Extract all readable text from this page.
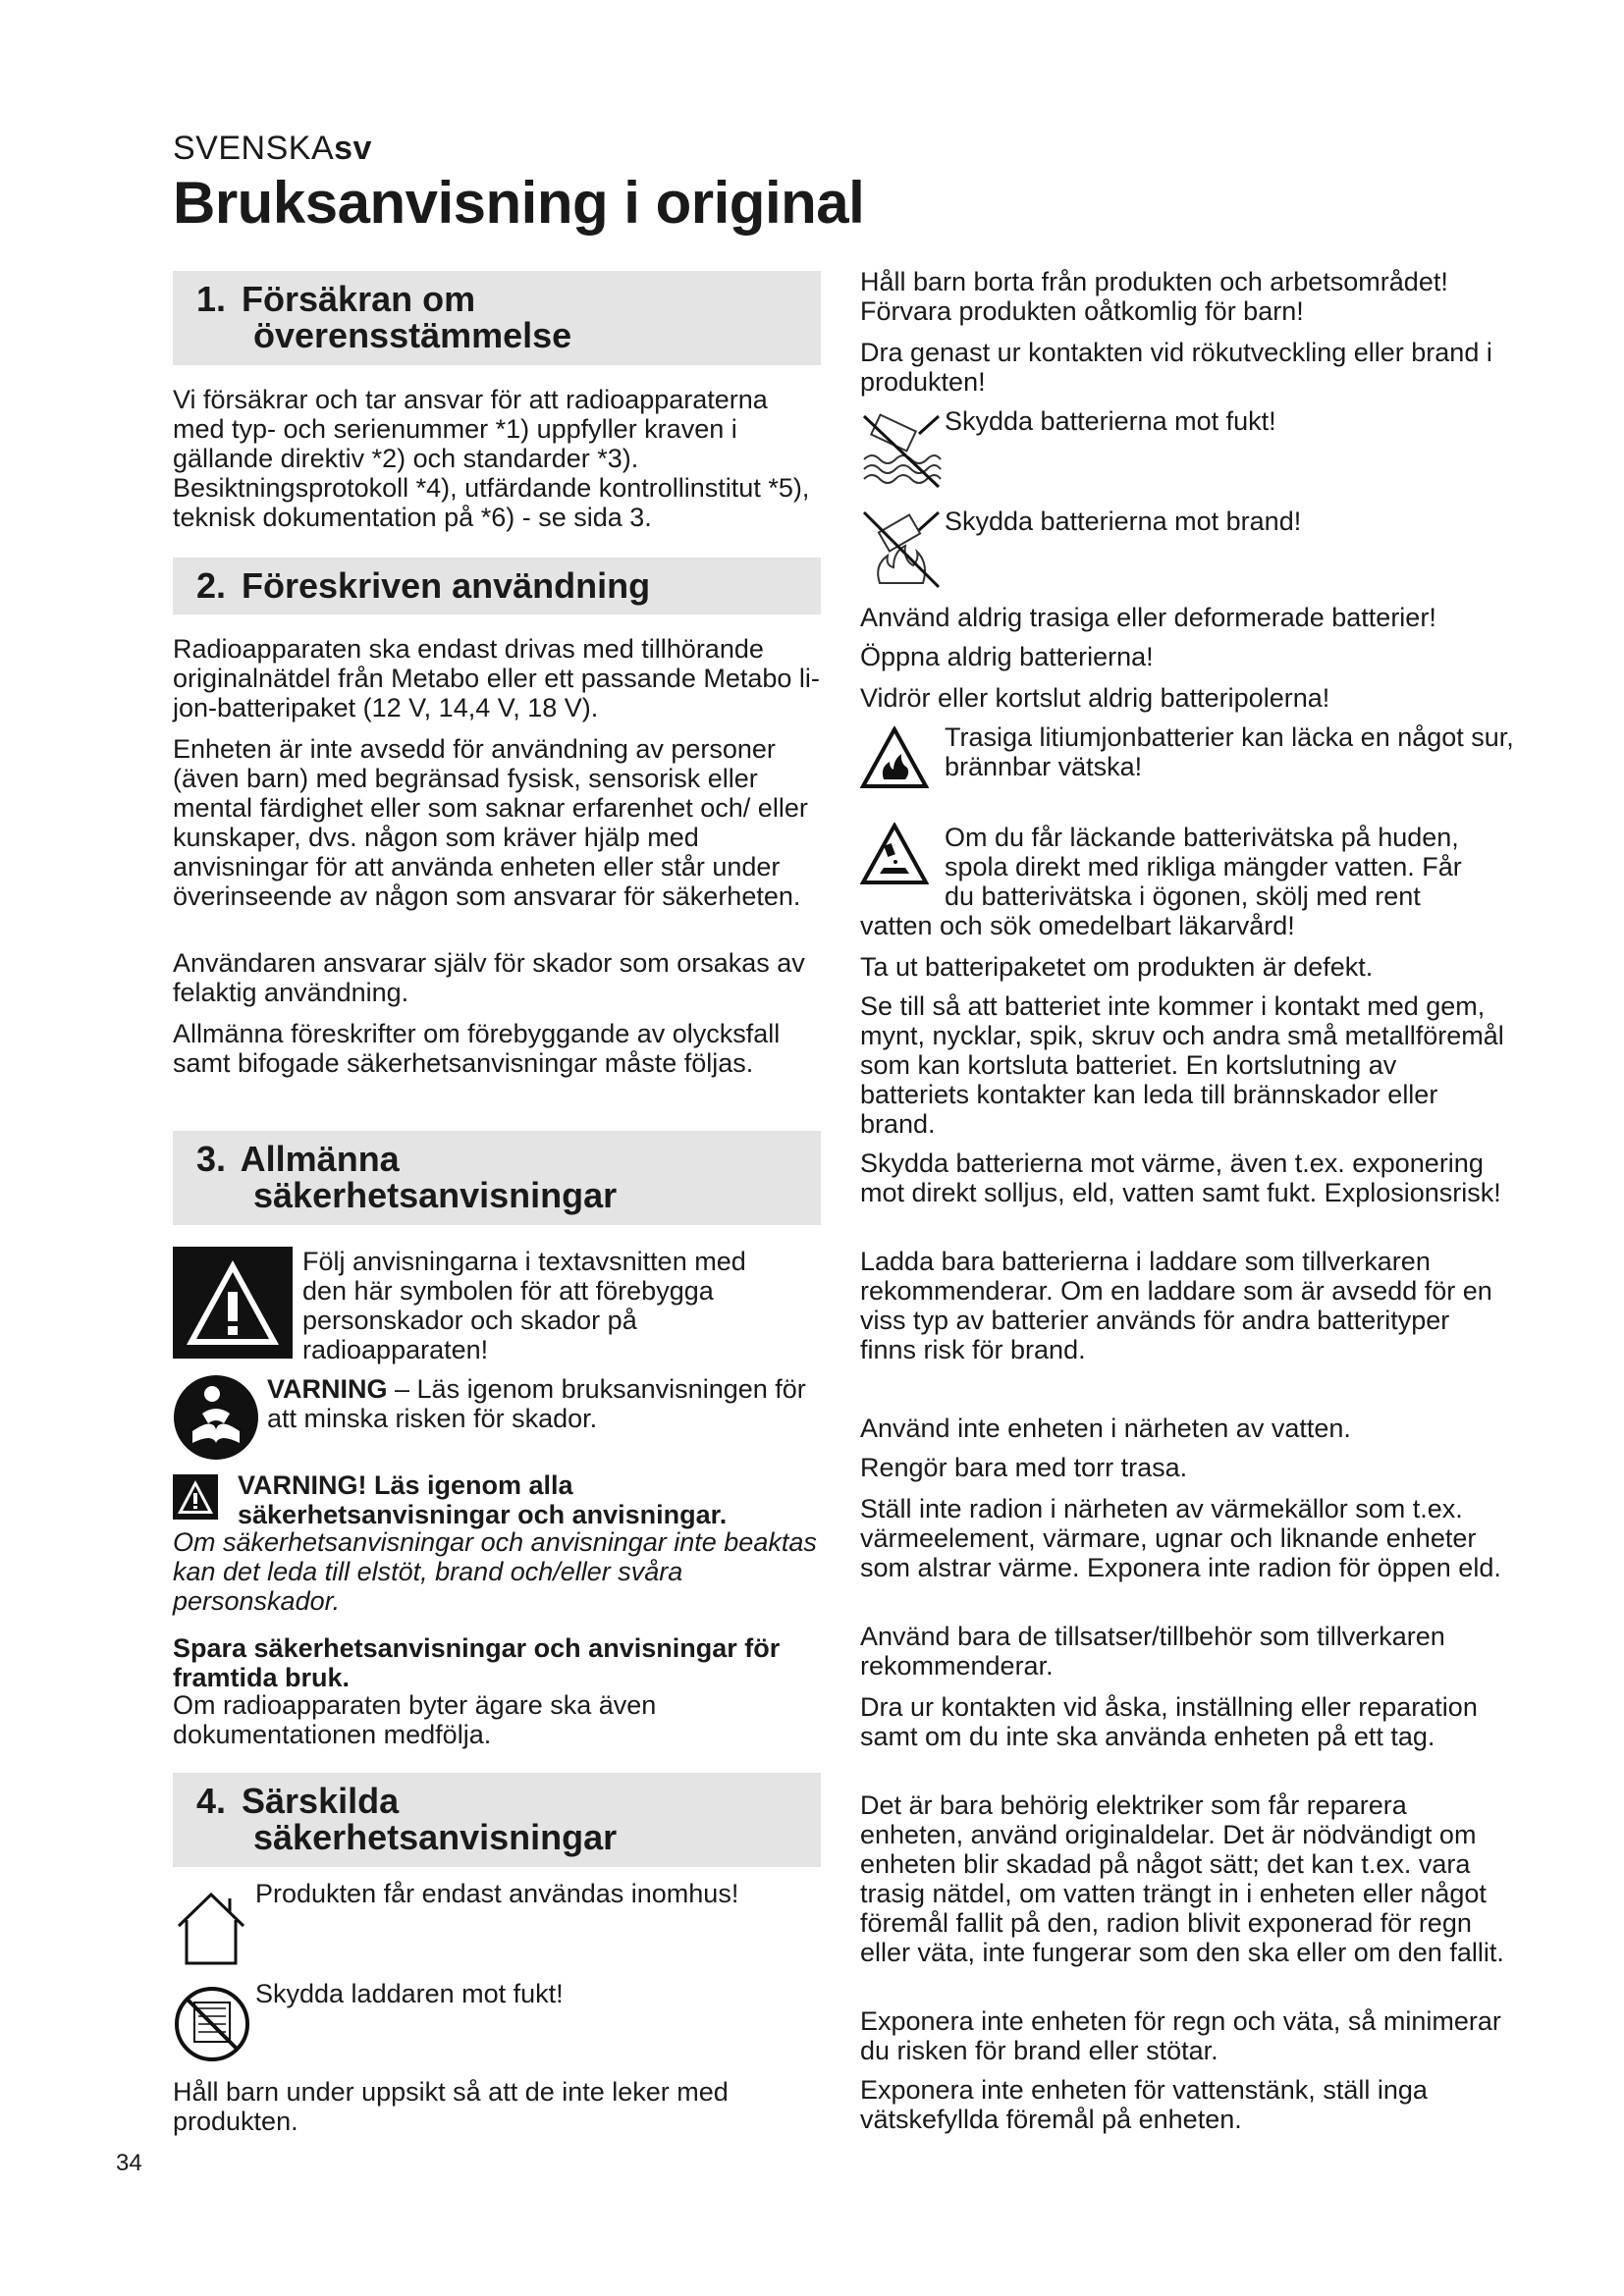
SVENSKAsv
Bruksanvisning i original
1. Försäkran om
överensstämmelse

Vi försäkrar och tar ansvar för att radioapparaterna med typ- och serienummer *1) uppfyller kraven i gällande direktiv *2) och standarder *3). Besiktningsprotokoll *4), utfärdande kontrollinstitut *5), teknisk dokumentation på *6) - se sida 3.

2. Föreskriven användning

Radioapparaten ska endast drivas med tillhörande originalnätdel från Metabo eller ett passande Metabo li-jon-batteripaket (12 V, 14,4 V, 18 V).

Enheten är inte avsedd för användning av personer (även barn) med begränsad fysisk, sensorisk eller mental färdighet eller som saknar erfarenhet och/ eller kunskaper, dvs. någon som kräver hjälp med anvisningar för att använda enheten eller står under överinseende av någon som ansvarar för säkerheten.

Användaren ansvarar själv för skador som orsakas av felaktig användning.

Allmänna föreskrifter om förebyggande av olycksfall samt bifogade säkerhetsanvisningar måste följas.

3. Allmänna
säkerhetsanvisningar

Följ anvisningarna i textavsnitten med den här symbolen för att förebygga personskador och skador på radioapparaten!

VARNING – Läs igenom bruksanvisningen för att minska risken för skador.

VARNING! Läs igenom alla säkerhetsanvisningar och anvisningar.

Om säkerhetsanvisningar och anvisningar inte beaktas kan det leda till elstöt, brand och/eller svåra personskador.

Spara säkerhetsanvisningar och anvisningar för framtida bruk.

Om radioapparaten byter ägare ska även dokumentationen medfölja.

4. Särskilda
säkerhetsanvisningar

Produkten får endast användas inomhus!

Skydda laddaren mot fukt!

Håll barn under uppsikt så att de inte leker med produkten.

34

Håll barn borta från produkten och arbetsområdet! Förvara produkten oåtkomlig för barn!

Dra genast ur kontakten vid rökutveckling eller brand i produkten!

Skydda batterierna mot fukt!

Skydda batterierna mot brand!

Använd aldrig trasiga eller deformerade batterier!

Öppna aldrig batterierna!

Vidrör eller kortslut aldrig batteripolerna!

Trasiga litiumjonbatterier kan läcka en något sur, brännbar vätska!

Om du får läckande batterivätska på huden,

spola direkt med rikliga mängder vatten. Får

du batterivätska i ögonen, skölj med rent

vatten och sök omedelbart läkarvård!

Ta ut batteripaketet om produkten är defekt.

Se till så att batteriet inte kommer i kontakt med gem, mynt, nycklar, spik, skruv och andra små metallföremål som kan kortsluta batteriet. En kortslutning av batteriets kontakter kan leda till brännskador eller brand.

Skydda batterierna mot värme, även t.ex. exponering mot direkt solljus, eld, vatten samt fukt. Explosionsrisk!

Ladda bara batterierna i laddare som tillverkaren rekommenderar. Om en laddare som är avsedd för en viss typ av batterier används för andra batterityper finns risk för brand.

Använd inte enheten i närheten av vatten.

Rengör bara med torr trasa.

Ställ inte radion i närheten av värmekällor som t.ex. värmeelement, värmare, ugnar och liknande enheter som alstrar värme. Exponera inte radion för öppen eld.

Använd bara de tillsatser/tillbehör som tillverkaren rekommenderar.

Dra ur kontakten vid åska, inställning eller reparation samt om du inte ska använda enheten på ett tag.

Det är bara behörig elektriker som får reparera enheten, använd originaldelar. Det är nödvändigt om enheten blir skadad på något sätt; det kan t.ex. vara trasig nätdel, om vatten trängt in i enheten eller något föremål fallit på den, radion blivit exponerad för regn eller väta, inte fungerar som den ska eller om den fallit.

Exponera inte enheten för regn och väta, så minimerar du risken för brand eller stötar.

Exponera inte enheten för vattenstänk, ställ inga vätskefyllda föremål på enheten.
